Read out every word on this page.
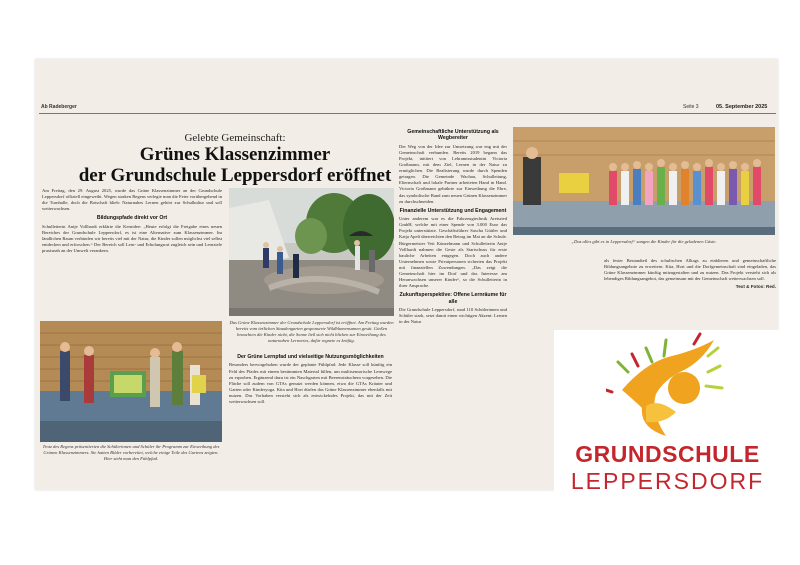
Ab Radeberger	Seite 3	05. September 2025
Gelebte Gemeinschaft:
Grünes Klassenzimmer
der Grundschule Leppersdorf eröffnet

Am Freitag, den 29. August 2025, wurde das Grüne Klassenzimmer an der Grundschule Leppersdorf offiziell eingeweiht. Wegen starken Regens verlegte man die Feier vorübergehend in die Turnhalle, doch die Botschaft blieb: Naturnahes Lernen gehört zur Schulkultur und soll weiterwachsen.

Bildungspfade direkt vor Ort

Schulleiterin Antje Vollhardt erklärte die Kernidee: „Heute erfolgt die Freigabe eines neuen Bereiches der Grundschule Leppersdorf, es ist eine Alternative zum Klassenzimmer. Im ländlichen Raum verbinden wir bereits viel mit der Natur, die Kinder sollen möglichst viel selbst entdecken und erforschen.“ Der Bereich soll Lern- und Erholungsort zugleich sein und Lernziele praxisnah an der Umwelt verankern.

Das Grüne Klassenzimmer der Grundschule Leppersdorf ist eröffnet. Am Freitag wurden bereits vom örtlichen Staudengarten gesponserte Wildblumensamen gesät. Gießen brauchten die Kinder nicht, die Sonne ließ sich nicht blicken zur Einweihung des naturnahen Lernortes, dafür regnete es kräftig.
Trotz des Regens präsentierten die Schülerinnen und Schüler ihr Programm zur Einweihung des Grünen Klassenzimmers. Sie hatten Bilder vorbereitet, welche einige Teile des Gartens zeigten. Hier sieht man den Fühlpfad.
Der Grüne Lernpfad und vielseitige Nutzungsmöglichkeiten

Besonders hervorgehoben wurde der geplante Fühlpfad: Jede Klasse soll künftig ein Feld des Pfades mit einem bestimmten Material füllen, um multisensorische Lernwege zu erproben. Ergänzend dazu ist ein Naschgarten mit Beerensträuchern vorgesehen. Die Fläche soll zudem von GTAs genutzt werden können, etwa die GTAs Kräuter und Garten oder Kinderyoga. Kita und Hort dürfen das Grüne Klassenzimmer ebenfalls mit nutzen. Das Vorhaben versteht sich als entwickelndes Projekt, das mit der Zeit weiterwachsen soll.

Gemeinschaftliche Unterstützung als Wegbereiter

Der Weg von der Idee zur Umsetzung war eng mit der Gemeinschaft verbunden. Bereits 2019 begann das Projekt, initiiert von Lehramtsstudentin Victoria Großmann, mit dem Ziel, Lernen in der Natur zu ermöglichen. Die Realisierung wurde durch Spenden getragen. Die Gemeinde Wachau, Schulleitung, Elternschaft und lokale Partner arbeiteten Hand in Hand. Victoria Großmann gebührte zur Einweihung die Ehre, das symbolische Band zum neuen Grünen Klassenzimmer zu durchschneiden.

Finanzielle Unterstützung und Engagement

Unter anderem war es die Fahrzeugtechnik Aretsried GmbH, welche mit einer Spende von 3.000 Euro das Projekt unterstützte. Geschäftsführer Sascha Güttler und Katja Apelt überreichten den Betrag im Mai an die Schule. Bürgermeister Veit Künzelmann und Schulleiterin Antje Vollhardt nahmen die Geste als Startschuss für erste bauliche Arbeiten entgegen. Doch auch andere Unternehmen sowie Privatpersonen sicherten das Projekt mit finanziellen Zuwendungen. „Das zeigt die Gemeinschaft hier im Dorf und das Interesse am Heranwachsen unserer Kinder“, so die Schulleiterin in ihrer Ansprache.

Zukunftsperspektive: Offene Lernräume für alle

Die Grundschule Leppersdorf, rund 110 Schülerinnen und Schüler stark, setzt damit einen wichtigen Akzent: Lernen in der Natur

„Das alles gibt es in Leppersdorf“ sangen die Kinder für die geladenen Gäste.

als fester Bestandteil des schulischen Alltags zu etablieren und gemeinschaftliche Bildungsangebote zu erweitern. Kita, Hort und die Dorfgemeinschaft sind eingeladen, das Grüne Klassenzimmer künftig mitzugestalten und zu nutzen. Das Projekt versteht sich als lebendiges Bildungsangebot, das gemeinsam mit der Gemeinschaft weiterwachsen soll.

Text & Fotos: Red.

GRUNDSCHULE
LEPPERSDORF
